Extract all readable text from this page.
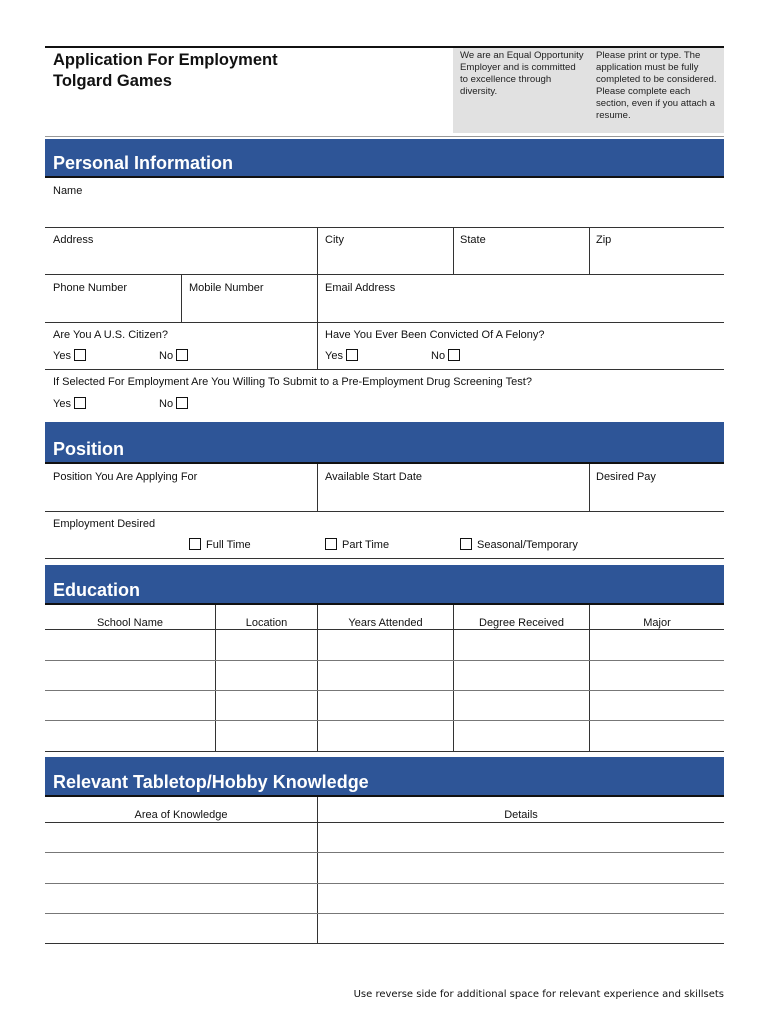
Application For Employment
Tolgard Games
We are an Equal Opportunity Employer and is committed to excellence through diversity.
Please print or type. The application must be fully completed to be considered. Please complete each section, even if you attach a resume.
Personal Information
Name
Address	City	State	Zip
Phone Number	Mobile Number	Email Address
Are You A U.S. Citizen?
Yes	No
Have You Ever Been Convicted Of A Felony?
Yes	No
If Selected For Employment Are You Willing To Submit to a Pre-Employment Drug Screening Test?
Yes	No
Position
Position You Are Applying For	Available Start Date	Desired Pay
Employment Desired
Full Time	Part Time	Seasonal/Temporary
Education
School Name	Location	Years Attended	Degree Received	Major
Relevant Tabletop/Hobby Knowledge
Area of Knowledge	Details
Use reverse side for additional space for relevant experience and skillsets
